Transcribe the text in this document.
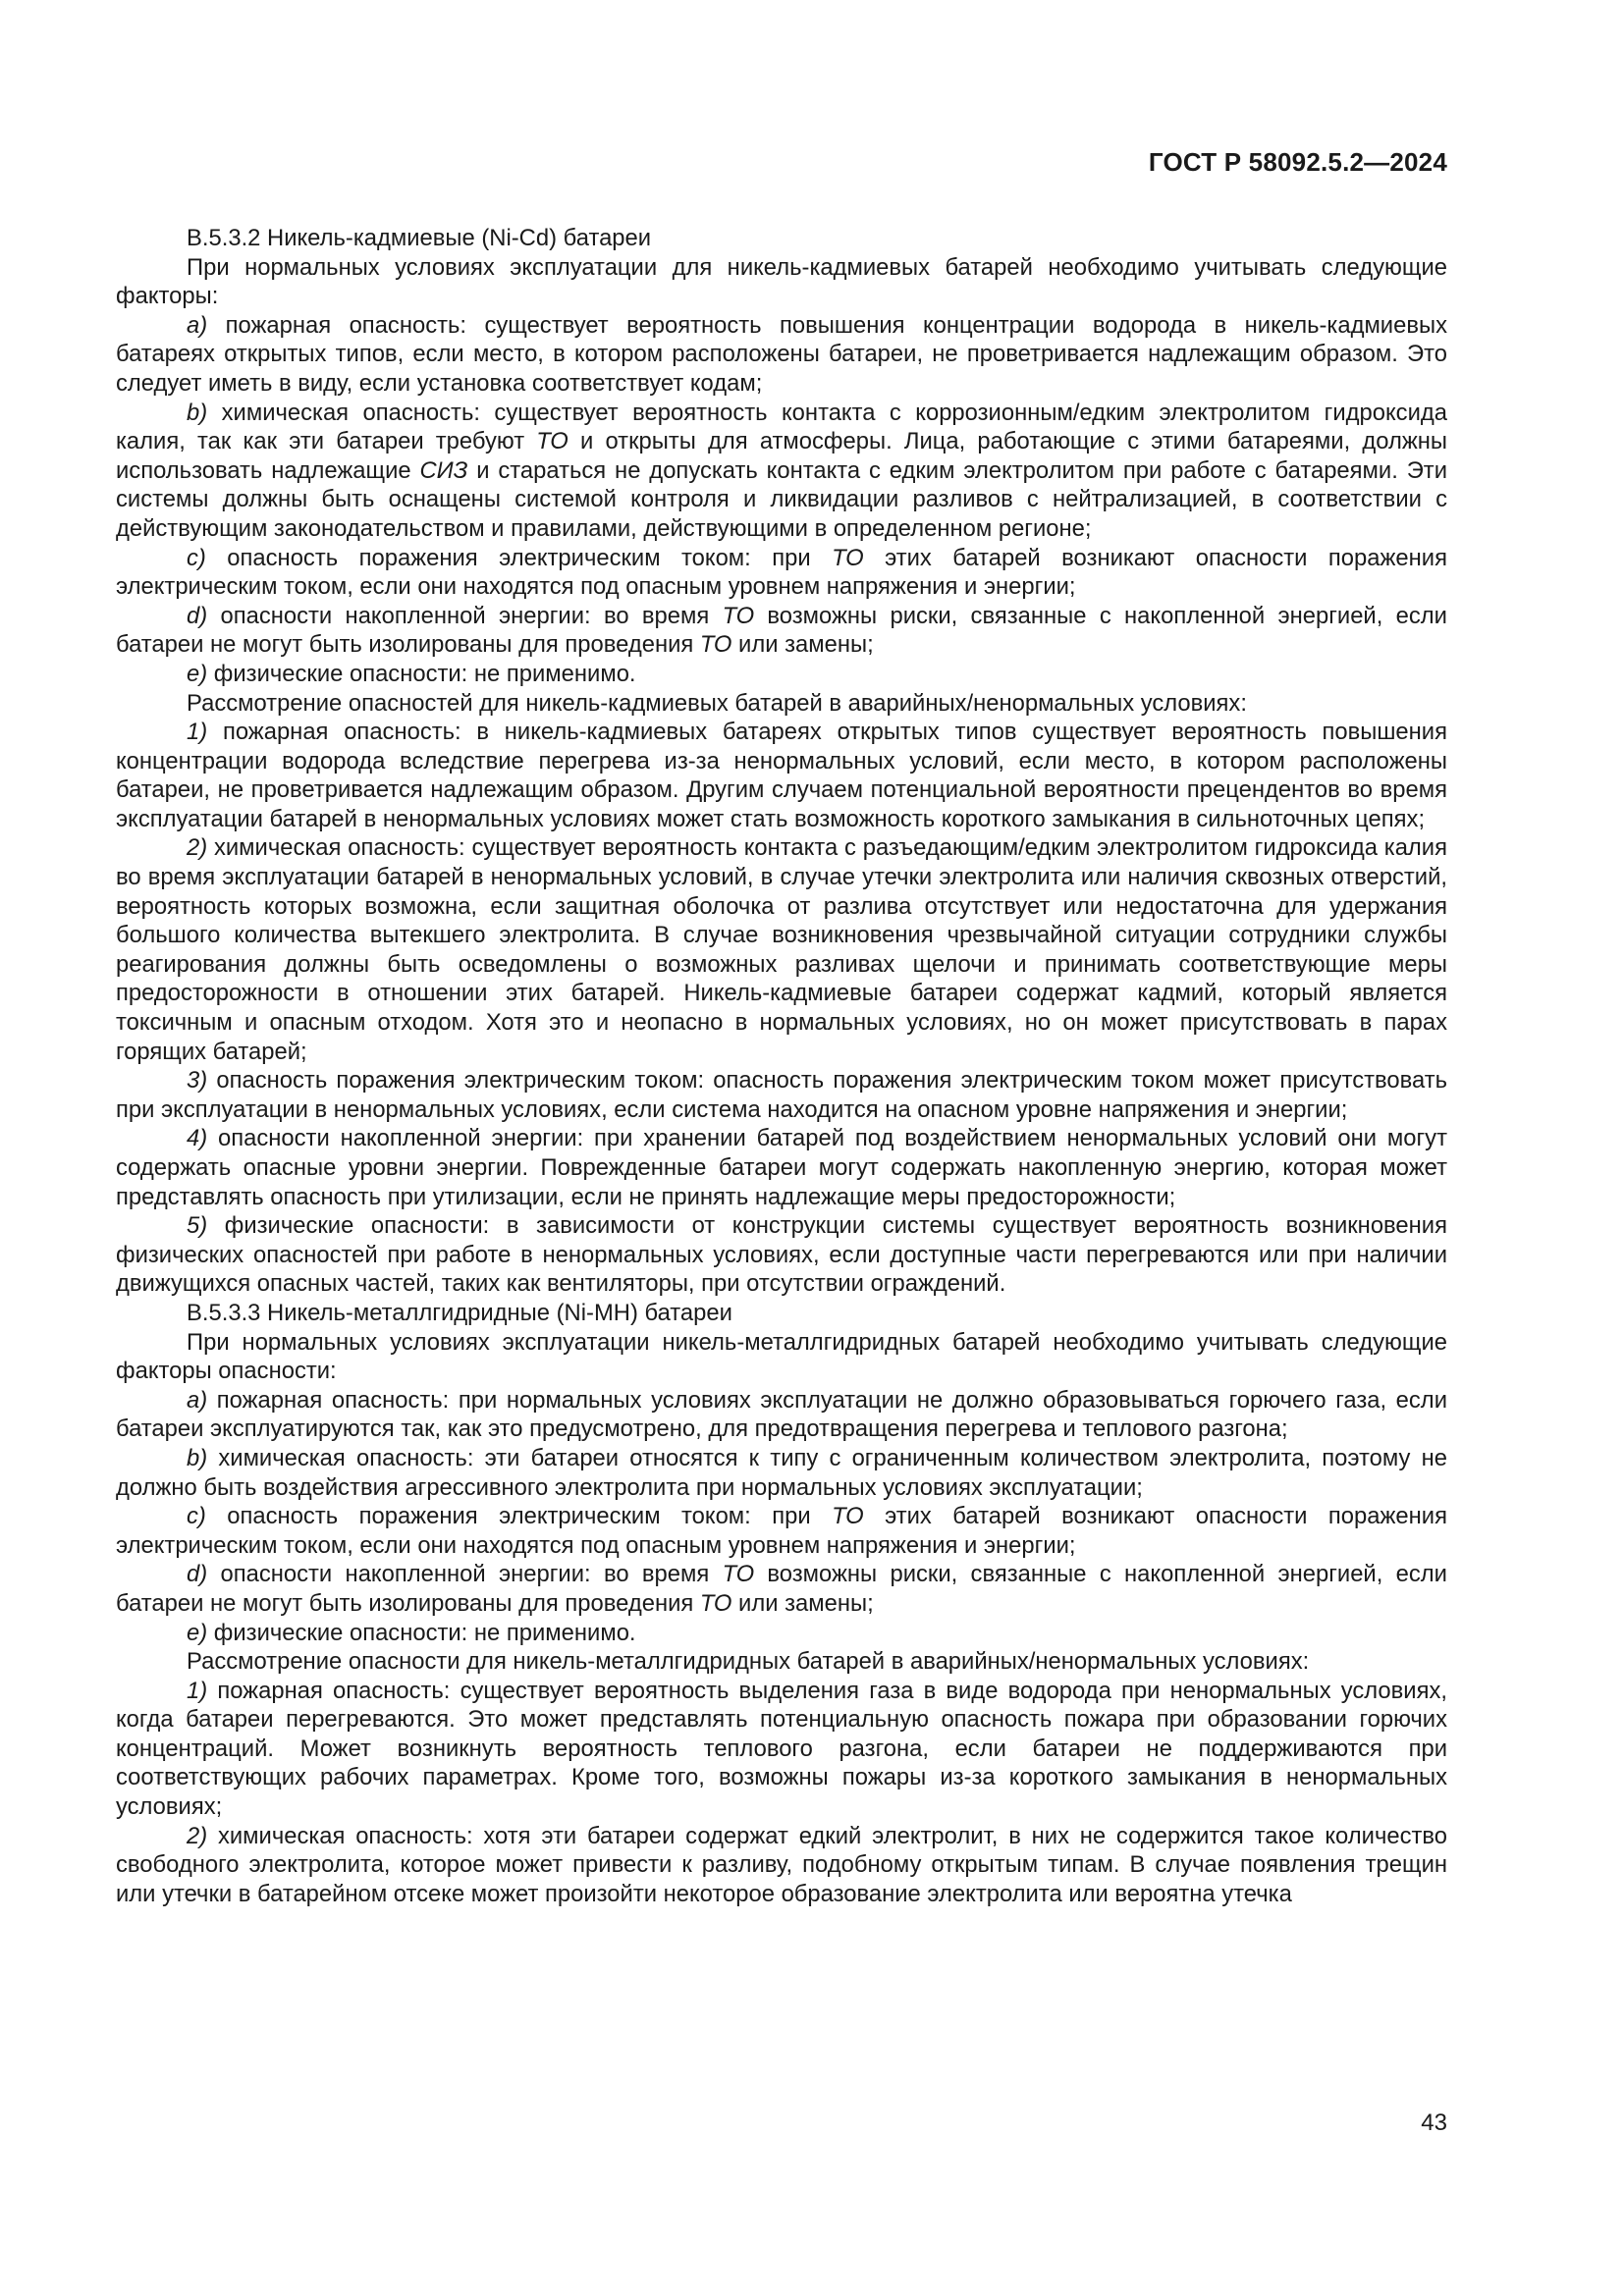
ГОСТ Р 58092.5.2—2024

В.5.3.2 Никель-кадмиевые (Ni-Cd) батареи

При нормальных условиях эксплуатации для никель-кадмиевых батарей необходимо учитывать следующие факторы:

a) пожарная опасность: существует вероятность повышения концентрации водорода в никель-кадмиевых батареях открытых типов, если место, в котором расположены батареи, не проветривается надлежащим образом. Это следует иметь в виду, если установка соответствует кодам;

b) химическая опасность: существует вероятность контакта с коррозионным/едким электролитом гидроксида калия, так как эти батареи требуют ТО и открыты для атмосферы. Лица, работающие с этими батареями, должны использовать надлежащие СИЗ и стараться не допускать контакта с едким электролитом при работе с батареями. Эти системы должны быть оснащены системой контроля и ликвидации разливов с нейтрализацией, в соответствии с действующим законодательством и правилами, действующими в определенном регионе;

c) опасность поражения электрическим током: при ТО этих батарей возникают опасности поражения электрическим током, если они находятся под опасным уровнем напряжения и энергии;

d) опасности накопленной энергии: во время ТО возможны риски, связанные с накопленной энергией, если батареи не могут быть изолированы для проведения ТО или замены;

e) физические опасности: не применимо.

Рассмотрение опасностей для никель-кадмиевых батарей в аварийных/ненормальных условиях:

1) пожарная опасность: в никель-кадмиевых батареях открытых типов существует вероятность повышения концентрации водорода вследствие перегрева из-за ненормальных условий, если место, в котором расположены батареи, не проветривается надлежащим образом. Другим случаем потенциальной вероятности прецендентов во время эксплуатации батарей в ненормальных условиях может стать возможность короткого замыкания в сильноточных цепях;

2) химическая опасность: существует вероятность контакта с разъедающим/едким электролитом гидроксида калия во время эксплуатации батарей в ненормальных условий, в случае утечки электролита или наличия сквозных отверстий, вероятность которых возможна, если защитная оболочка от разлива отсутствует или недостаточна для удержания большого количества вытекшего электролита. В случае возникновения чрезвычайной ситуации сотрудники службы реагирования должны быть осведомлены о возможных разливах щелочи и принимать соответствующие меры предосторожности в отношении этих батарей. Никель-кадмиевые батареи содержат кадмий, который является токсичным и опасным отходом. Хотя это и неопасно в нормальных условиях, но он может присутствовать в парах горящих батарей;

3) опасность поражения электрическим током: опасность поражения электрическим током может присутствовать при эксплуатации в ненормальных условиях, если система находится на опасном уровне напряжения и энергии;

4) опасности накопленной энергии: при хранении батарей под воздействием ненормальных условий они могут содержать опасные уровни энергии. Поврежденные батареи могут содержать накопленную энергию, которая может представлять опасность при утилизации, если не принять надлежащие меры предосторожности;

5) физические опасности: в зависимости от конструкции системы существует вероятность возникновения физических опасностей при работе в ненормальных условиях, если доступные части перегреваются или при наличии движущихся опасных частей, таких как вентиляторы, при отсутствии ограждений.

В.5.3.3 Никель-металлгидридные (Ni-MH) батареи

При нормальных условиях эксплуатации никель-металлгидридных батарей необходимо учитывать следующие факторы опасности:

a) пожарная опасность: при нормальных условиях эксплуатации не должно образовываться горючего газа, если батареи эксплуатируются так, как это предусмотрено, для предотвращения перегрева и теплового разгона;

b) химическая опасность: эти батареи относятся к типу с ограниченным количеством электролита, поэтому не должно быть воздействия агрессивного электролита при нормальных условиях эксплуатации;

c) опасность поражения электрическим током: при ТО этих батарей возникают опасности поражения электрическим током, если они находятся под опасным уровнем напряжения и энергии;

d) опасности накопленной энергии: во время ТО возможны риски, связанные с накопленной энергией, если батареи не могут быть изолированы для проведения ТО или замены;

e) физические опасности: не применимо.

Рассмотрение опасности для никель-металлгидридных батарей в аварийных/ненормальных условиях:

1) пожарная опасность: существует вероятность выделения газа в виде водорода при ненормальных условиях, когда батареи перегреваются. Это может представлять потенциальную опасность пожара при образовании горючих концентраций. Может возникнуть вероятность теплового разгона, если батареи не поддерживаются при соответствующих рабочих параметрах. Кроме того, возможны пожары из-за короткого замыкания в ненормальных условиях;

2) химическая опасность: хотя эти батареи содержат едкий электролит, в них не содержится такое количество свободного электролита, которое может привести к разливу, подобному открытым типам. В случае появления трещин или утечки в батарейном отсеке может произойти некоторое образование электролита или вероятна утечка

43
